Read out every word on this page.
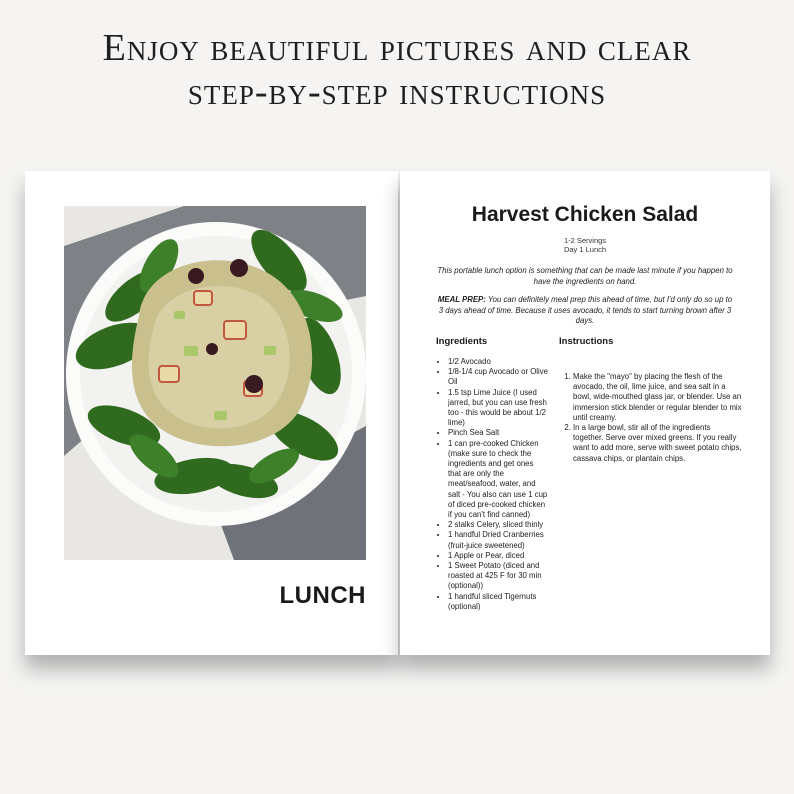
Enjoy beautiful pictures and clear
step-by-step instructions
LUNCH
Harvest Chicken Salad
1-2 Servings
Day 1 Lunch
This portable lunch option is something that can be made last minute if you happen to have the ingredients on hand.
MEAL PREP: You can definitely meal prep this ahead of time, but I'd only do so up to 3 days ahead of time. Because it uses avocado, it tends to start turning brown after 3 days.
Ingredients	Instructions
• 1/2 Avocado
• 1/8-1/4 cup Avocado or Olive Oil
• 1.5 tsp Lime Juice (I used jarred, but you can use fresh too - this would be about 1/2 lime)
• Pinch Sea Salt
• 1 can pre-cooked Chicken (make sure to check the ingredients and get ones that are only the meat/seafood, water, and salt - You also can use 1 cup of diced pre-cooked chicken if you can't find canned)
• 2 stalks Celery, sliced thinly
• 1 handful Dried Cranberries (fruit-juice sweetened)
• 1 Apple or Pear, diced
• 1 Sweet Potato (diced and roasted at 425 F for 30 min (optional))
• 1 handful sliced Tigernuts (optional)
1. Make the "mayo" by placing the flesh of the avocado, the oil, lime juice, and sea salt in a bowl, wide-mouthed glass jar, or blender. Use an immersion stick blender or regular blender to mix until creamy.
2. In a large bowl, stir all of the ingredients together. Serve over mixed greens. If you really want to add more, serve with sweet potato chips, cassava chips, or plantain chips.
